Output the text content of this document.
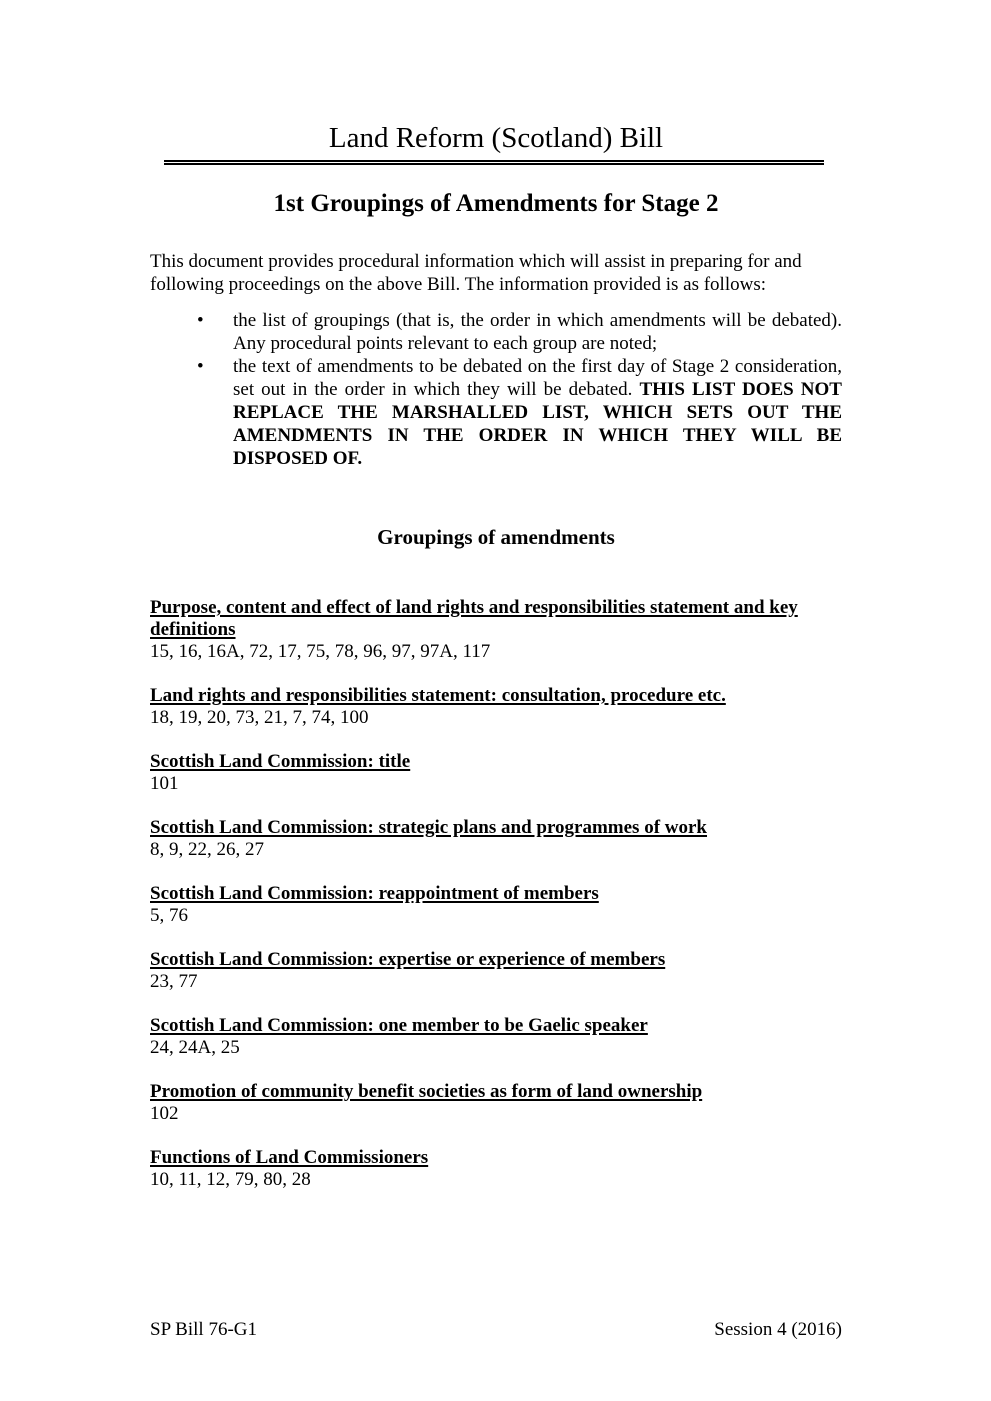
Land Reform (Scotland) Bill
1st Groupings of Amendments for Stage 2

This document provides procedural information which will assist in preparing for and following proceedings on the above Bill. The information provided is as follows:

• the list of groupings (that is, the order in which amendments will be debated). Any procedural points relevant to each group are noted;
• the text of amendments to be debated on the first day of Stage 2 consideration, set out in the order in which they will be debated. THIS LIST DOES NOT REPLACE THE MARSHALLED LIST, WHICH SETS OUT THE AMENDMENTS IN THE ORDER IN WHICH THEY WILL BE DISPOSED OF.
Groupings of amendments
Purpose, content and effect of land rights and responsibilities statement and key definitions
15, 16, 16A, 72, 17, 75, 78, 96, 97, 97A, 117
Land rights and responsibilities statement: consultation, procedure etc.
18, 19, 20, 73, 21, 7, 74, 100
Scottish Land Commission: title
101
Scottish Land Commission: strategic plans and programmes of work
8, 9, 22, 26, 27
Scottish Land Commission: reappointment of members
5, 76
Scottish Land Commission: expertise or experience of members
23, 77
Scottish Land Commission: one member to be Gaelic speaker
24, 24A, 25
Promotion of community benefit societies as form of land ownership
102
Functions of Land Commissioners
10, 11, 12, 79, 80, 28
SP Bill 76-G1	Session 4 (2016)
